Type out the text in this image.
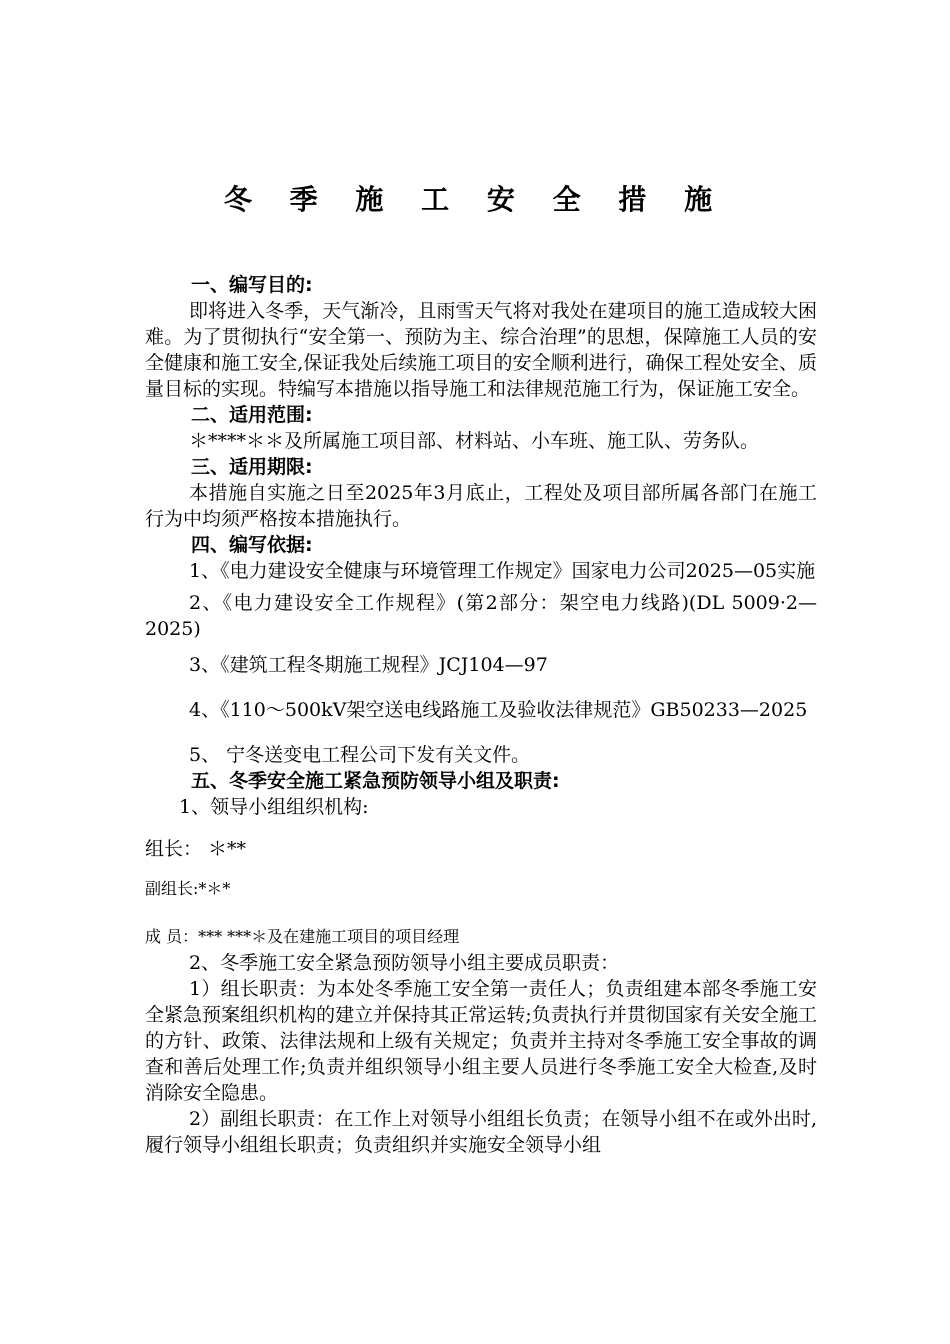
冬 季 施 工 安 全 措 施

一、编写目的:

即将进入冬季，天气渐冷，且雨雪天气将对我处在建项目的施工造成较大困难。为了贯彻执行“安全第一、预防为主、综合治理”的思想，保障施工人员的安全健康和施工安全,保证我处后续施工项目的安全顺利进行，确保工程处安全、质量目标的实现。特编写本措施以指导施工和法律规范施工行为，保证施工安全。

二、适用范围:

＊****＊＊及所属施工项目部、材料站、小车班、施工队、劳务队。

三、适用期限:

本措施自实施之日至2025年3月底止，工程处及项目部所属各部门在施工行为中均须严格按本措施执行。

四、编写依据:

1、《电力建设安全健康与环境管理工作规定》国家电力公司2025—05实施

2、《电力建设安全工作规程》(第2部分：架空电力线路)(DL 5009·2—2025)

3、《建筑工程冬期施工规程》JCJ104—97

4、《110～500kV架空送电线路施工及验收法律规范》GB50233—2025

5、 宁冬送变电工程公司下发有关文件。

五、冬季安全施工紧急预防领导小组及职责:

1、领导小组组织机构:

组长： ＊**

副组长:*＊*

成 员：*** ***＊及在建施工项目的项目经理

2、冬季施工安全紧急预防领导小组主要成员职责：

1）组长职责：为本处冬季施工安全第一责任人；负责组建本部冬季施工安全紧急预案组织机构的建立并保持其正常运转;负责执行并贯彻国家有关安全施工的方针、政策、法律法规和上级有关规定；负责并主持对冬季施工安全事故的调查和善后处理工作;负责并组织领导小组主要人员进行冬季施工安全大检查,及时消除安全隐患。

2）副组长职责：在工作上对领导小组组长负责；在领导小组不在或外出时,履行领导小组组长职责；负责组织并实施安全领导小组
